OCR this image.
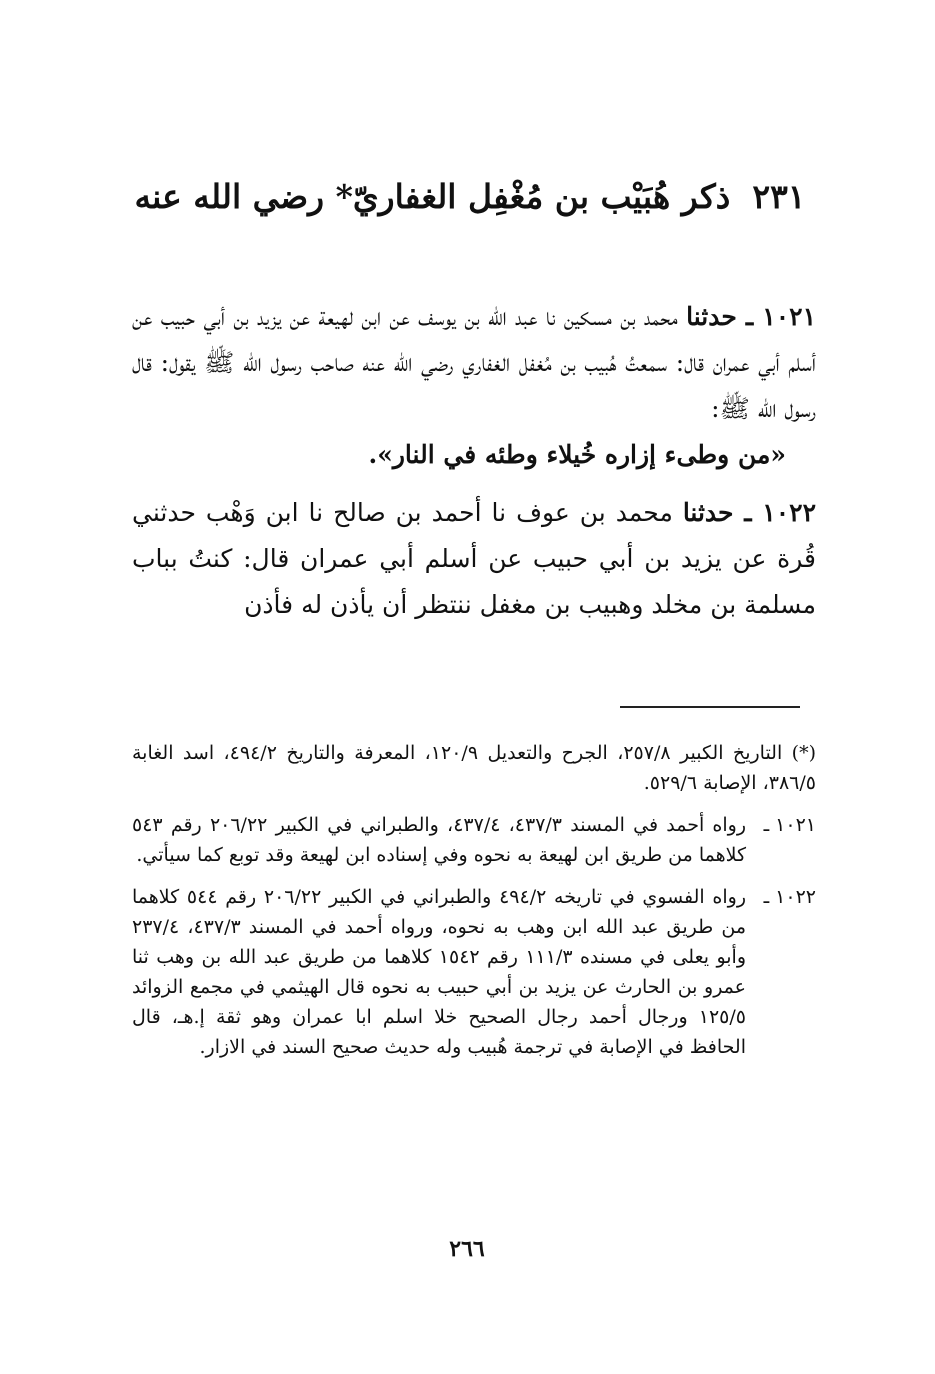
٢٣١ذكر هُبَيْب بن مُغْفِل الغفاريّ* رضي الله عنه

١٠٢١ ـ حدثنا محمد بن مسكين نا عبد الله بن يوسف عن ابن لهيعة عن يزيد بن أبي حبيب عن أسلم أبي عمران قال: سمعتُ هُبيب بن مُغفل الغفاري رضي الله عنه صاحب رسول الله ﷺ يقول: قال رسول الله ﷺ:

«من وطىء إزاره خُيلاء وطئه في النار».

١٠٢٢ ـ حدثنا محمد بن عوف نا أحمد بن صالح نا ابن وَهْب حدثني قُرة عن يزيد بن أبي حبيب عن أسلم أبي عمران قال: كنتُ بباب مسلمة بن مخلد وهبيب بن مغفل ننتظر أن يأذن له فأذن

(*) التاريخ الكبير ٢٥٧/٨، الجرح والتعديل ١٢٠/٩، المعرفة والتاريخ ٤٩٤/٢، اسد الغابة ٣٨٦/٥، الإصابة ٥٢٩/٦.

١٠٢١ ـ
رواه أحمد في المسند ٤٣٧/٣، ٤٣٧/٤، والطبراني في الكبير ٢٠٦/٢٢ رقم ٥٤٣ كلاهما من طريق ابن لهيعة به نحوه وفي إسناده ابن لهيعة وقد توبع كما سيأتي.

١٠٢٢ ـ
رواه الفسوي في تاريخه ٤٩٤/٢ والطبراني في الكبير ٢٠٦/٢٢ رقم ٥٤٤ كلاهما من طريق عبد الله ابن وهب به نحوه، ورواه أحمد في المسند ٤٣٧/٣، ٢٣٧/٤ وأبو يعلى في مسنده ١١١/٣ رقم ١٥٤٢ كلاهما من طريق عبد الله بن وهب ثنا عمرو بن الحارث عن يزيد بن أبي حبيب به نحوه قال الهيثمي في مجمع الزوائد ١٢٥/٥ ورجال أحمد رجال الصحيح خلا اسلم ابا عمران وهو ثقة إ.هـ، قال الحافظ في الإصابة في ترجمة هُبيب وله حديث صحيح السند في الازار.

٢٦٦
